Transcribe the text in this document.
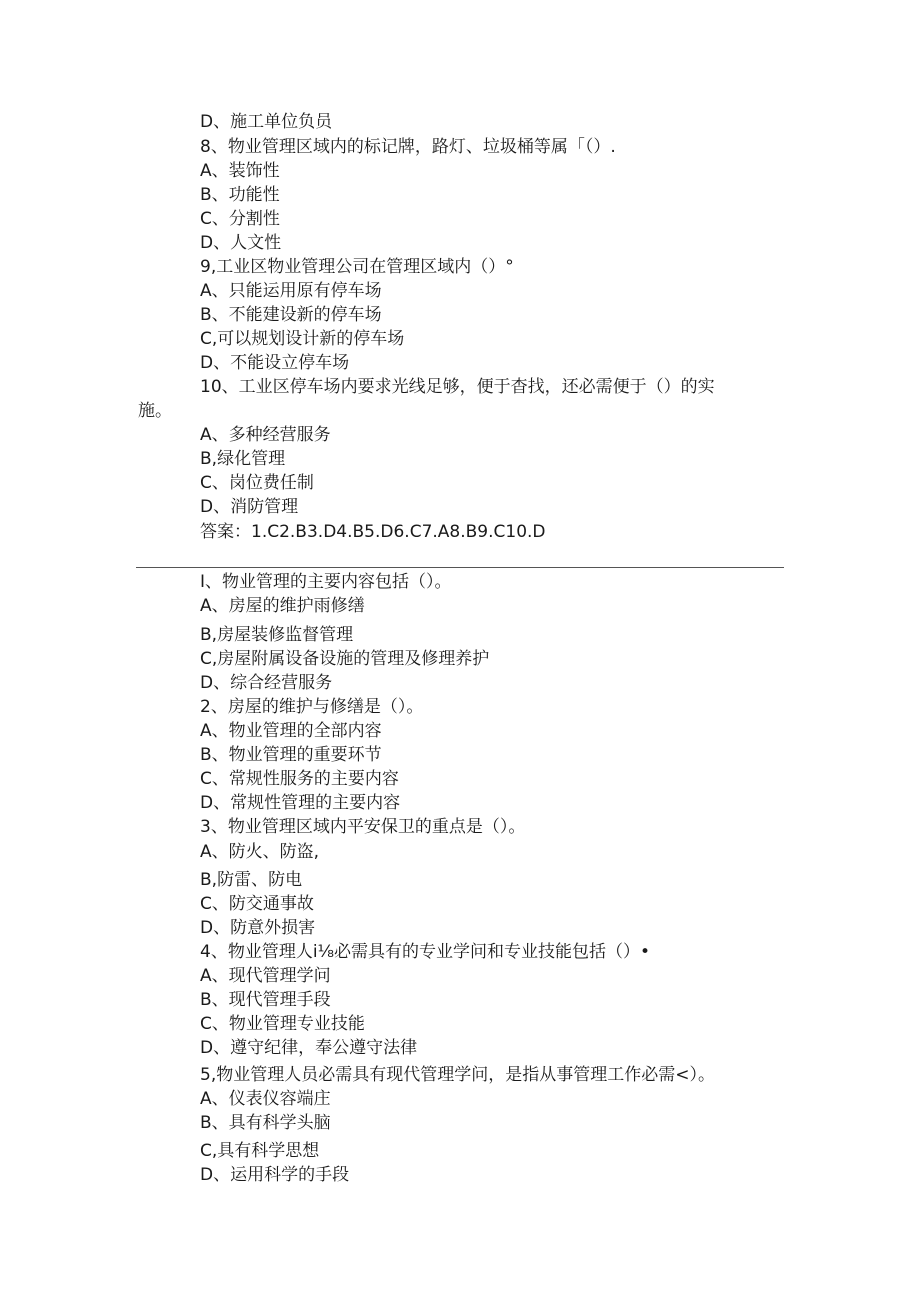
D、施工单位负员
8、物业管理区域内的标记牌，路灯、垃圾桶等属「（）.
A、装饰性
B、功能性
C、分割性
D、人文性
9,工业区物业管理公司在管理区域内（）°
A、只能运用原有停车场
B、不能建设新的停车场
C,可以规划设计新的停车场
D、不能设立停车场
10、工业区停车场内要求光线足够，便于杳找，还必需便于（）的实
施。
A、多种经营服务
B,绿化管理
C、岗位费任制
D、消防管理
答案：1.C2.B3.D4.B5.D6.C7.A8.B9.C10.D
I、物业管理的主要内容包括（）。
A、房屋的维护雨修缮
B,房屋装修监督管理
C,房屋附属设备设施的管理及修理养护
D、综合经营服务
2、房屋的维护与修缮是（）。
A、物业管理的全部内容
B、物业管理的重要环节
C、常规性服务的主要内容
D、常规性管理的主要内容
3、物业管理区域内平安保卫的重点是（）。
A、防火、防盗,
B,防雷、防电
C、防交通事故
D、防意外损害
4、物业管理人i⅛必需具有的专业学问和专业技能包括（）•
A、现代管理学问
B、现代管理手段
C、物业管理专业技能
D、遵守纪律，奉公遵守法律
5,物业管理人员必需具有现代管理学问，是指从事管理工作必需<）。
A、仪表仪容端庄
B、具有科学头脑
C,具有科学思想
D、运用科学的手段
